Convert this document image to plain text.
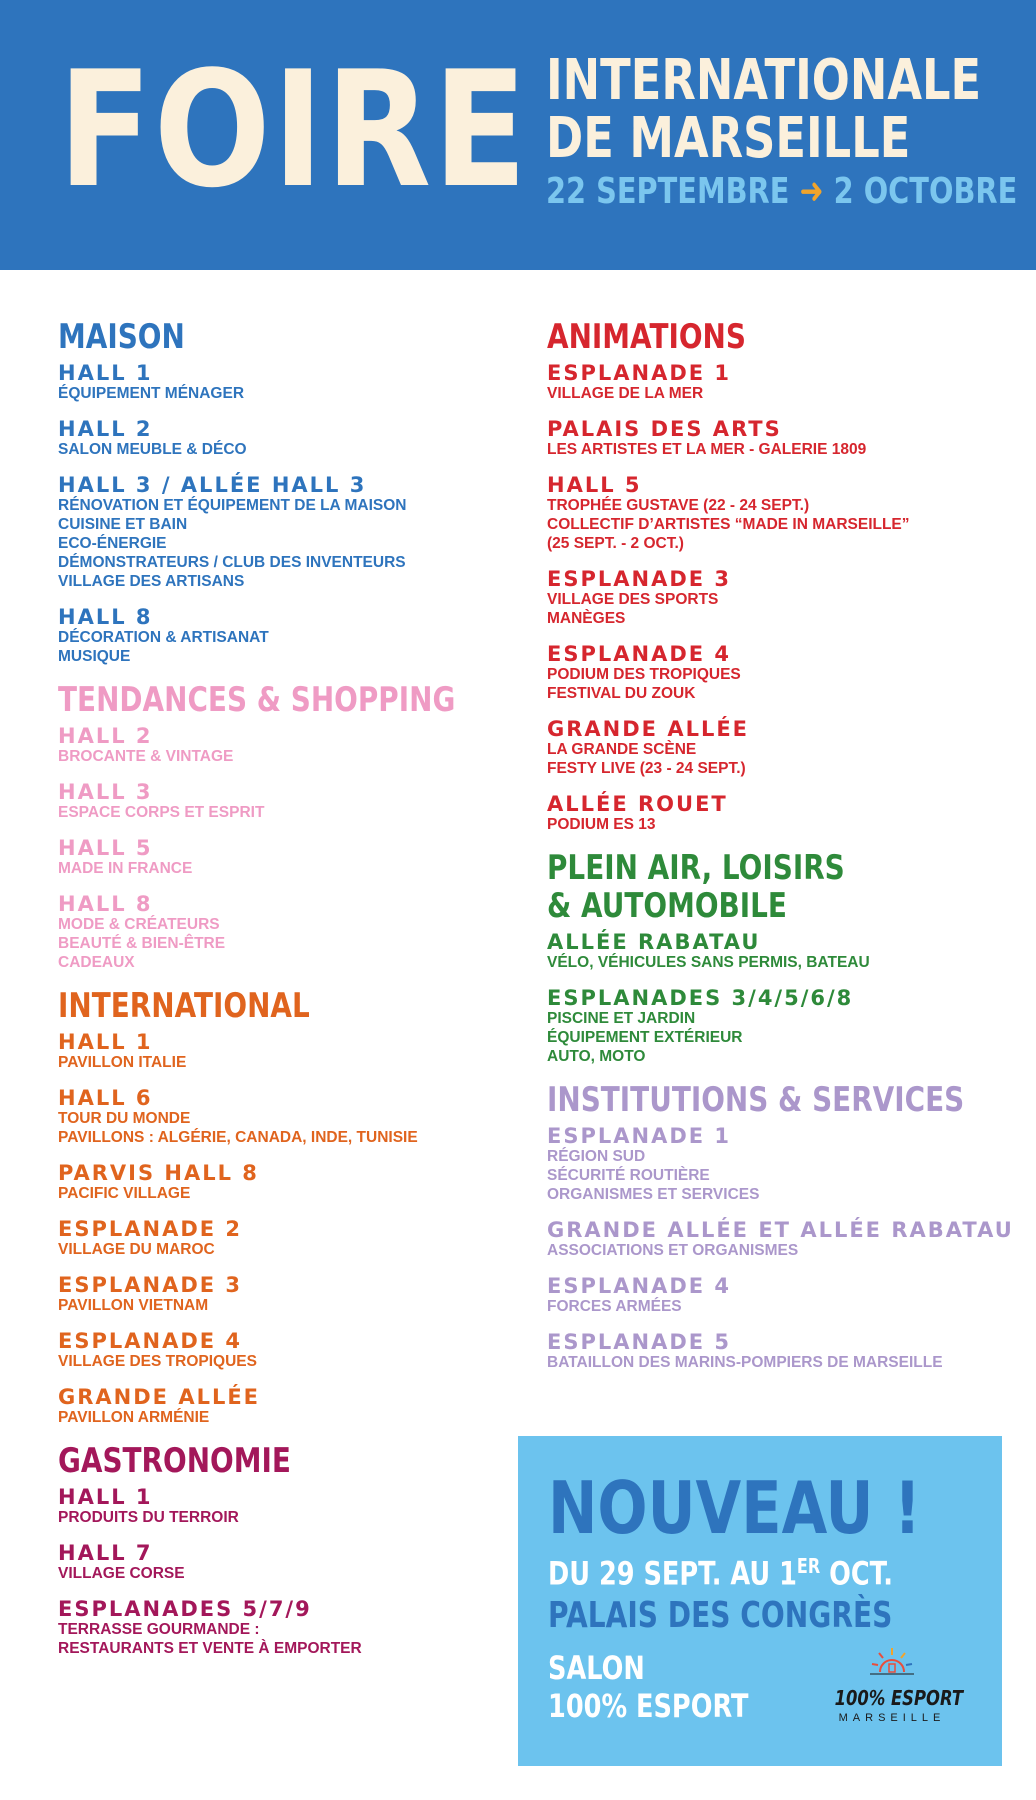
FOIRE INTERNATIONALE
DE MARSEILLE
22 SEPTEMBRE ➜ 2 OCTOBRE
MAISON
HALL 1
ÉQUIPEMENT MÉNAGER
HALL 2
SALON MEUBLE & DÉCO
HALL 3 / ALLÉE HALL 3
RÉNOVATION ET ÉQUIPEMENT DE LA MAISON
CUISINE ET BAIN
ECO-ÉNERGIE
DÉMONSTRATEURS / CLUB DES INVENTEURS
VILLAGE DES ARTISANS
HALL 8
DÉCORATION & ARTISANAT
MUSIQUE
TENDANCES & SHOPPING
HALL 2
BROCANTE & VINTAGE
HALL 3
ESPACE CORPS ET ESPRIT
HALL 5
MADE IN FRANCE
HALL 8
MODE & CRÉATEURS
BEAUTÉ & BIEN-ÊTRE
CADEAUX
INTERNATIONAL
HALL 1
PAVILLON ITALIE
HALL 6
TOUR DU MONDE
PAVILLONS : ALGÉRIE, CANADA, INDE, TUNISIE
PARVIS HALL 8
PACIFIC VILLAGE
ESPLANADE 2
VILLAGE DU MAROC
ESPLANADE 3
PAVILLON VIETNAM
ESPLANADE 4
VILLAGE DES TROPIQUES
GRANDE ALLÉE
PAVILLON ARMÉNIE
GASTRONOMIE
HALL 1
PRODUITS DU TERROIR
HALL 7
VILLAGE CORSE
ESPLANADES 5/7/9
TERRASSE GOURMANDE :
RESTAURANTS ET VENTE À EMPORTER
ANIMATIONS
ESPLANADE 1
VILLAGE DE LA MER
PALAIS DES ARTS
LES ARTISTES ET LA MER - GALERIE 1809
HALL 5
TROPHÉE GUSTAVE (22 - 24 SEPT.)
COLLECTIF D’ARTISTES “MADE IN MARSEILLE”
(25 SEPT. - 2 OCT.)
ESPLANADE 3
VILLAGE DES SPORTS
MANÈGES
ESPLANADE 4
PODIUM DES TROPIQUES
FESTIVAL DU ZOUK
GRANDE ALLÉE
LA GRANDE SCÈNE
FESTY LIVE (23 - 24 SEPT.)
ALLÉE ROUET
PODIUM ES 13
PLEIN AIR, LOISIRS
& AUTOMOBILE
ALLÉE RABATAU
VÉLO, VÉHICULES SANS PERMIS, BATEAU
ESPLANADES 3/4/5/6/8
PISCINE ET JARDIN
ÉQUIPEMENT EXTÉRIEUR
AUTO, MOTO
INSTITUTIONS & SERVICES
ESPLANADE 1
RÉGION SUD
SÉCURITÉ ROUTIÈRE
ORGANISMES ET SERVICES
GRANDE ALLÉE ET ALLÉE RABATAU
ASSOCIATIONS ET ORGANISMES
ESPLANADE 4
FORCES ARMÉES
ESPLANADE 5
BATAILLON DES MARINS-POMPIERS DE MARSEILLE
NOUVEAU !
DU 29 SEPT. AU 1ER OCT.
PALAIS DES CONGRÈS
SALON
100% ESPORT	100% ESPORT
MARSEILLE
